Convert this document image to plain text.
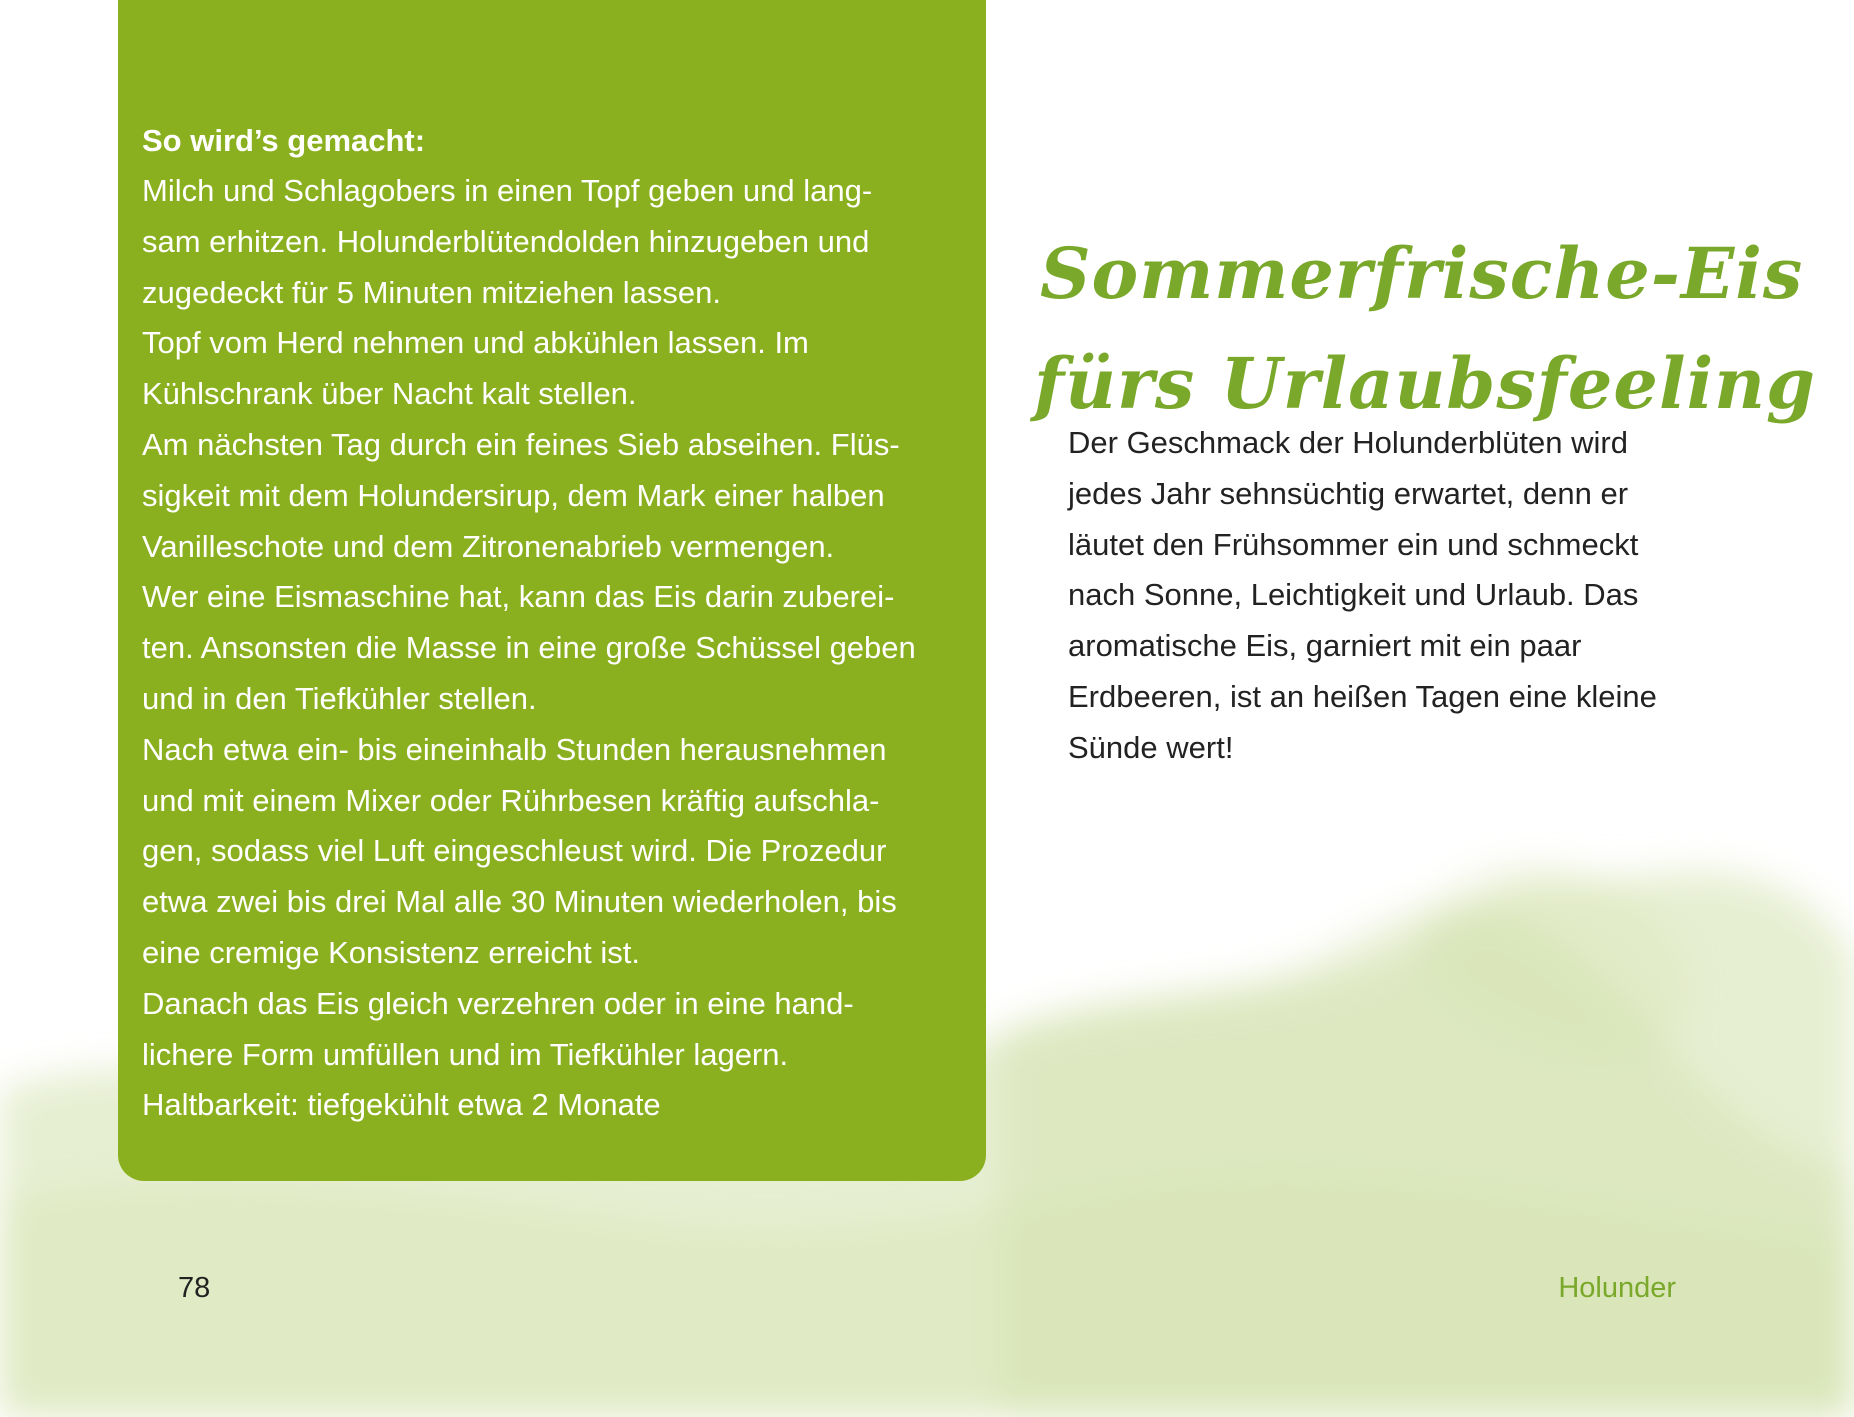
So wird’s gemacht:

Milch und Schlagobers in einen Topf geben und lang-
sam erhitzen. Holunderblütendolden hinzugeben und
zugedeckt für 5 Minuten mitziehen lassen.
Topf vom Herd nehmen und abkühlen lassen. Im
Kühlschrank über Nacht kalt stellen.
Am nächsten Tag durch ein feines Sieb abseihen. Flüs-
sigkeit mit dem Holundersirup, dem Mark einer halben
Vanilleschote und dem Zitronenabrieb vermengen.
Wer eine Eismaschine hat, kann das Eis darin zuberei-
ten. Ansonsten die Masse in eine große Schüssel geben
und in den Tiefkühler stellen.
Nach etwa ein- bis eineinhalb Stunden herausnehmen
und mit einem Mixer oder Rührbesen kräftig aufschla-
gen, sodass viel Luft eingeschleust wird. Die Prozedur
etwa zwei bis drei Mal alle 30 Minuten wiederholen, bis
eine cremige Konsistenz erreicht ist.
Danach das Eis gleich verzehren oder in eine hand-
lichere Form umfüllen und im Tiefkühler lagern.
Haltbarkeit: tiefgekühlt etwa 2 Monate

Sommerfrische-Eis
fürs Urlaubsfeeling
Der Geschmack der Holunderblüten wird
jedes Jahr sehnsüchtig erwartet, denn er
läutet den Frühsommer ein und schmeckt
nach Sonne, Leichtigkeit und Urlaub. Das
aromatische Eis, garniert mit ein paar
Erdbeeren, ist an heißen Tagen eine kleine
Sünde wert!
78	Holunder
